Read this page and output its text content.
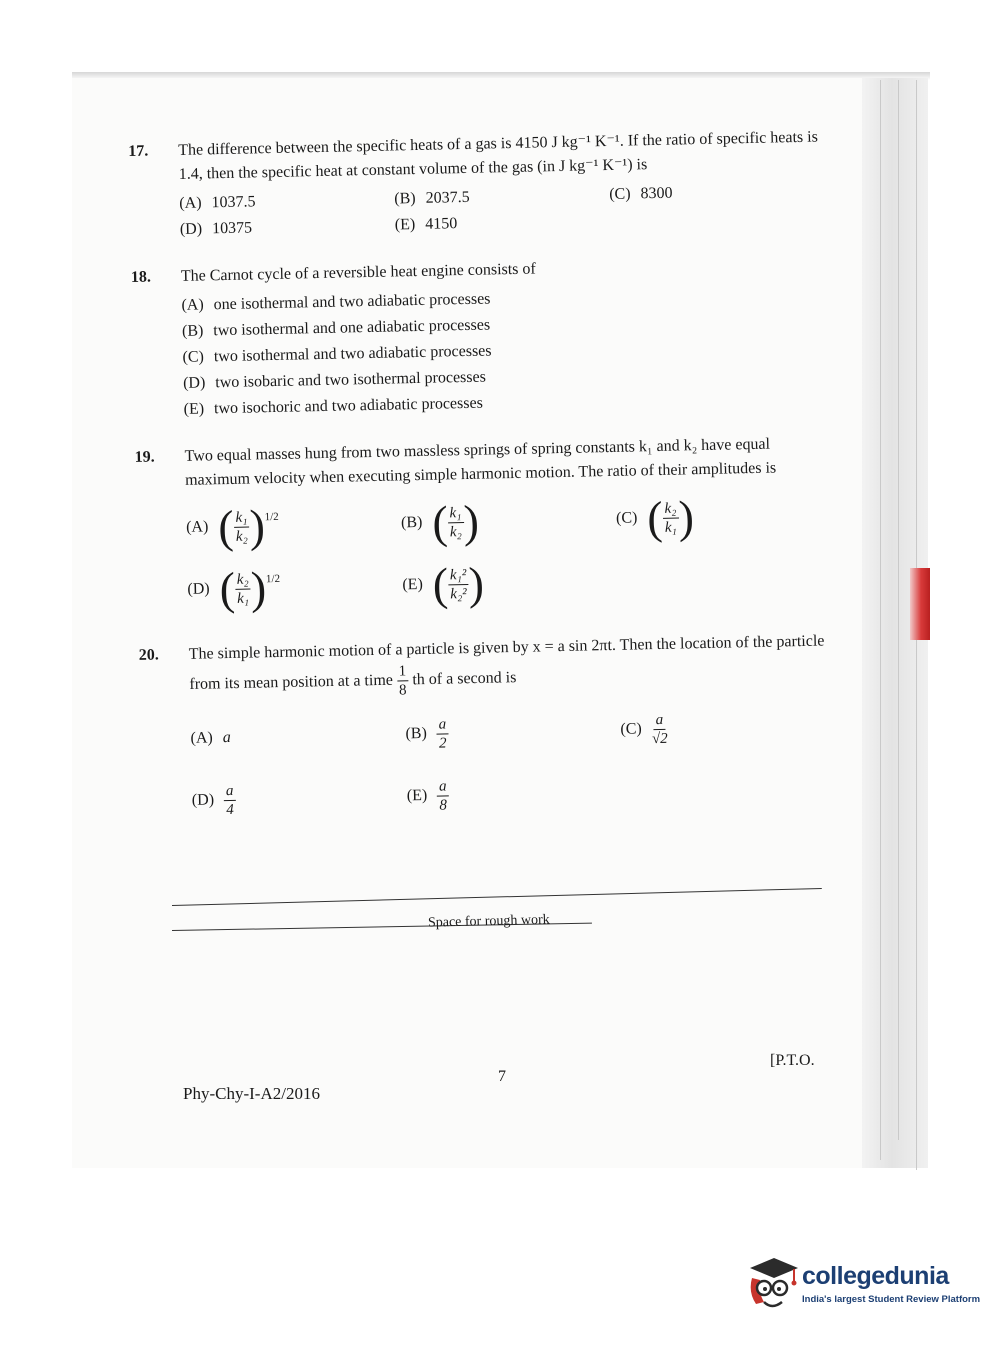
17. The difference between the specific heats of a gas is 4150 J kg⁻¹ K⁻¹. If the ratio of specific heats is 1.4, then the specific heat at constant volume of the gas (in J kg⁻¹ K⁻¹) is
(A) 1037.5	(B) 2037.5	(C) 8300
(D) 10375	(E) 4150
18. The Carnot cycle of a reversible heat engine consists of
(A) one isothermal and two adiabatic processes
(B) two isothermal and one adiabatic processes
(C) two isothermal and two adiabatic processes
(D) two isobaric and two isothermal processes
(E) two isochoric and two adiabatic processes
19. Two equal masses hung from two massless springs of spring constants k₁ and k₂ have equal maximum velocity when executing simple harmonic motion. The ratio of their amplitudes is
(A) ( $\frac{\text{k₁}}{\text{k₂}}$ ) 1/2	(B) ( $\frac{\text{k₁}}{\text{k₂}}$ )	(C) ( $\frac{\text{k₂}}{\text{k₁}}$ )
(D) ( $\frac{\text{k₂}}{\text{k₁}}$ ) 1/2	(E) ( $\frac{\text{k₁²}}{\text{k₂²}}$ )
20. The simple harmonic motion of a particle is given by x = a sin 2πt. Then the location of the particle from its mean position at a time $\frac{1}{8}$ th of a second is
(A) a	$(B) \frac{a}{2}$	$(C) \frac{a}{√2}$
$(D) \frac{a}{4}$	$(E) \frac{a}{8}$
Space for rough work
Phy-Chy-I-A2/2016
7
[P.T.O.
collegedunia
India's largest Student Review Platform
